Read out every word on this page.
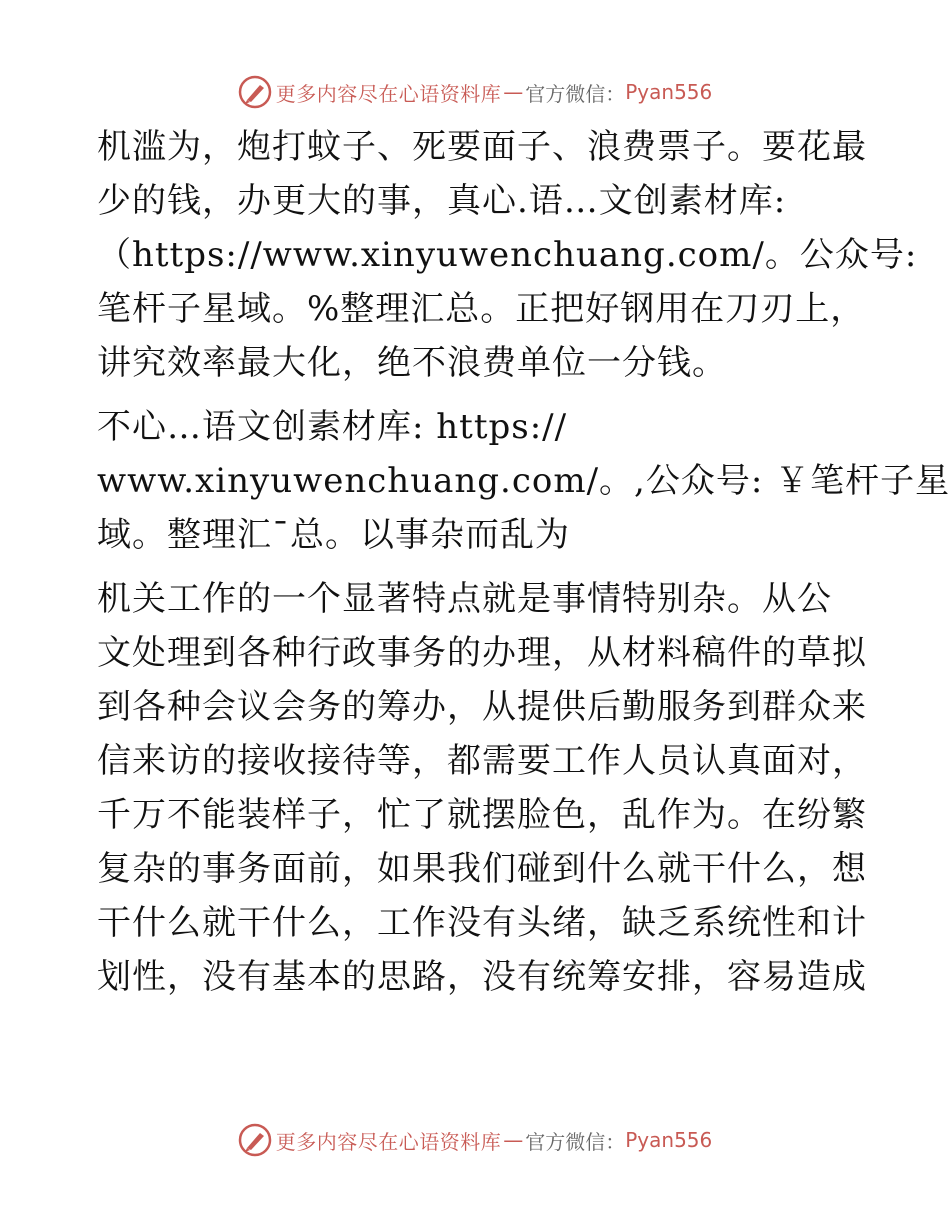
更多内容尽在心语资料库 — 官方微信： Pyan556

机滥为，炮打蚊子、死要面子、浪费票子。要花最
少的钱，办更大的事，真心.语…文创素材库:
（https://www.xinyuwenchuang.com/。公众号:
笔杆子星域。%整理汇总。正把好钢用在刀刃上，
讲究效率最大化，绝不浪费单位一分钱。

不心…语文创素材库: https://
www.xinyuwenchuang.com/。,公众号: ￥笔杆子星
域。整理汇¯总。以事杂而乱为

机关工作的一个显著特点就是事情特别杂。从公
文处理到各种行政事务的办理，从材料稿件的草拟
到各种会议会务的筹办，从提供后勤服务到群众来
信来访的接收接待等，都需要工作人员认真面对，
千万不能装样子，忙了就摆脸色，乱作为。在纷繁
复杂的事务面前，如果我们碰到什么就干什么，想
干什么就干什么，工作没有头绪，缺乏系统性和计
划性，没有基本的思路，没有统筹安排，容易造成

更多内容尽在心语资料库 — 官方微信： Pyan556
